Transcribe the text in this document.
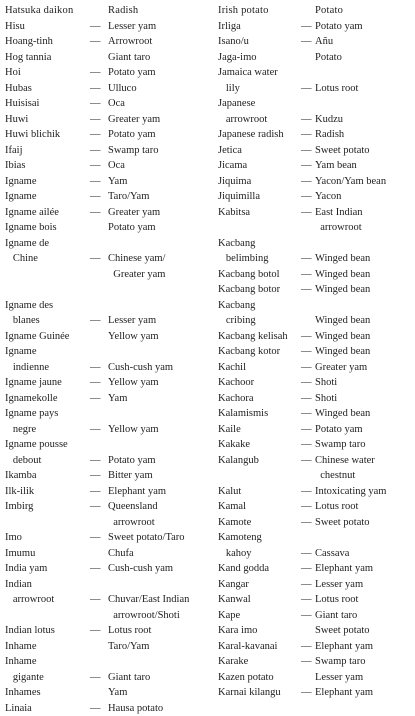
Hatsuka daikon	Radish
Hisu	— Lesser yam
Hoang-tinh	— Arrowroot
Hog tannia	Giant taro
Hoi	— Potato yam
Hubas	— Ulluco
Huisisai	— Oca
Huwi	— Greater yam
Huwi blichik	— Potato yam
Ifaij	— Swamp taro
Ibias	— Oca
Igname	— Yam
Igname	— Taro/Yam
Igname ailée	— Greater yam
Igname bois	Potato yam
Igname de
Chine	— Chinese yam/
Greater yam
Igname des
blanes	— Lesser yam
Igname Guinée	Yellow yam
Igname
indienne	— Cush-cush yam
Igname jaune	— Yellow yam
Ignamekolle	— Yam
Igname pays
negre	— Yellow yam
Igname pousse
debout	— Potato yam
Ikamba	— Bitter yam
Ilk-ilik	— Elephant yam
Imbirg	— Queensland
arrowroot
Imo	— Sweet potato/Taro
Imumu	Chufa
India yam	— Cush-cush yam
Indian
arrowroot	— Chuvar/East Indian
arrowroot/Shoti
Indian lotus	— Lotus root
Inhame	Taro/Yam
Inhame
gigante	— Giant taro
Inhames	Yam
Linaia	— Hausa potato
Irish potato	Potato
Irliga	— Potato yam
Isano/u	— Añu
Jaga-imo	Potato
Jamaica water
lily	— Lotus root
Japanese
arrowroot	— Kudzu
Japanese radish — Radish
Jetica	— Sweet potato
Jicama	— Yam bean
Jiquima	— Yacon/Yam bean
Jiquimilla	— Yacon
Kabitsa	— East Indian
arrowroot
Kacbang
belimbing	— Winged bean
Kacbang botol — Winged bean
Kacbang botor — Winged bean
Kacbang
cribing	Winged bean
Kacbang kelisah — Winged bean
Kacbang kotor — Winged bean
Kachil	— Greater yam
Kachoor	— Shoti
Kachora	— Shoti
Kalamismis	— Winged bean
Kaile	— Potato yam
Kakake	— Swamp taro
Kalangub	— Chinese water
chestnut
Kalut	— Intoxicating yam
Kamal	— Lotus root
Kamote	— Sweet potato
Kamoteng
kahoy	— Cassava
Kand godda	— Elephant yam
Kangar	— Lesser yam
Kanwal	— Lotus root
Kape	— Giant taro
Kara imo	Sweet potato
Karal-kavanai — Elephant yam
Karake	— Swamp taro
Kazen potato	Lesser yam
Karnai kilangu — Elephant yam
